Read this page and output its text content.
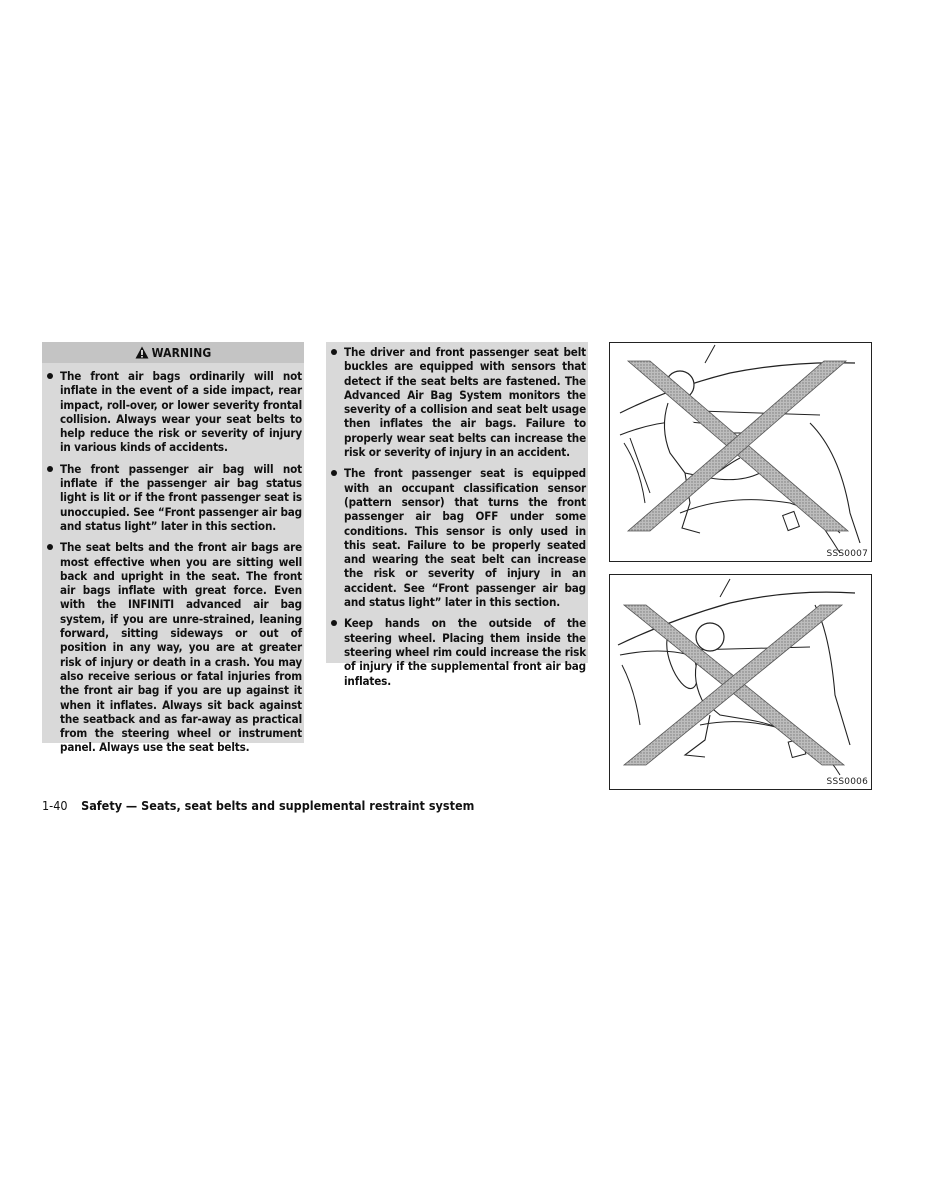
WARNING
The front air bags ordinarily will not inflate in the event of a side impact, rear impact, roll-over, or lower severity frontal collision. Always wear your seat belts to help reduce the risk or severity of injury in various kinds of accidents.
The front passenger air bag will not inflate if the passenger air bag status light is lit or if the front passenger seat is unoccupied. See “Front passenger air bag and status light” later in this section.
The seat belts and the front air bags are most effective when you are sitting well back and upright in the seat. The front air bags inflate with great force. Even with the INFINITI advanced air bag system, if you are unre-strained, leaning forward, sitting sideways or out of position in any way, you are at greater risk of injury or death in a crash. You may also receive serious or fatal injuries from the front air bag if you are up against it when it inflates. Always sit back against the seatback and as far-away as practical from the steering wheel or instrument panel. Always use the seat belts.
The driver and front passenger seat belt buckles are equipped with sensors that detect if the seat belts are fastened. The Advanced Air Bag System monitors the severity of a collision and seat belt usage then inflates the air bags. Failure to properly wear seat belts can increase the risk or severity of injury in an accident.
The front passenger seat is equipped with an occupant classification sensor (pattern sensor) that turns the front passenger air bag OFF under some conditions. This sensor is only used in this seat. Failure to be properly seated and wearing the seat belt can increase the risk or severity of injury in an accident. See “Front passenger air bag and status light” later in this section.
Keep hands on the outside of the steering wheel. Placing them inside the steering wheel rim could increase the risk of injury if the supplemental front air bag inflates.
SSS0007
SSS0006
1-40 Safety — Seats, seat belts and supplemental restraint system
